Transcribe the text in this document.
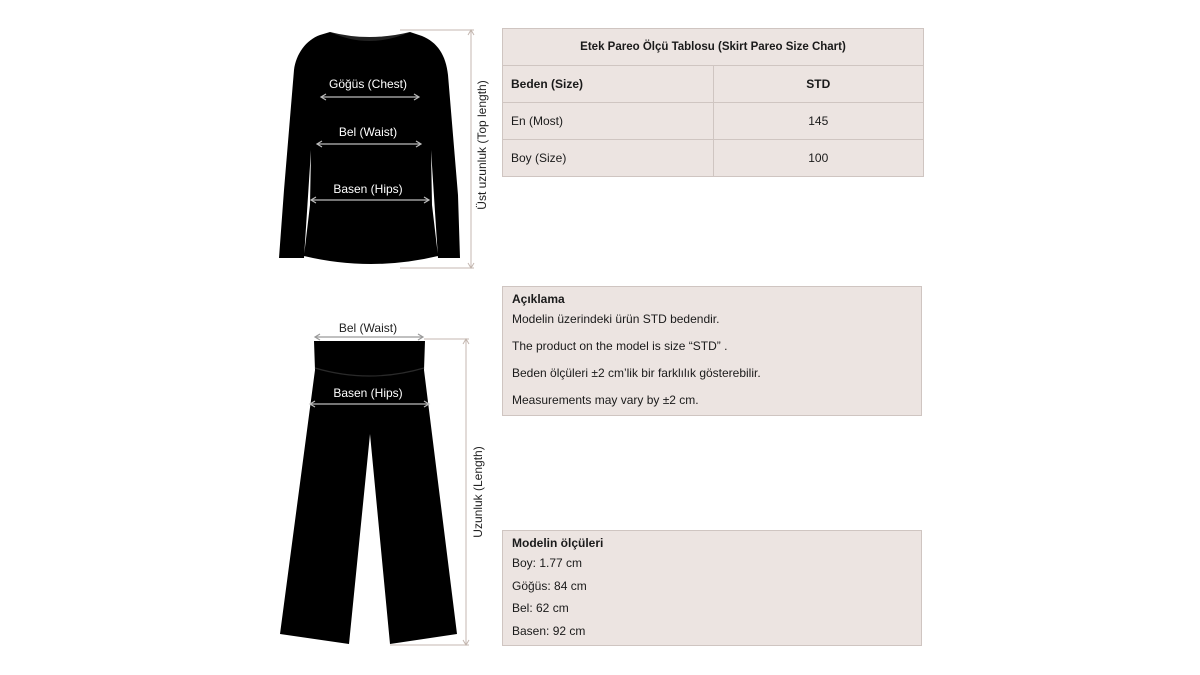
Göğüs (Chest)
Bel (Waist)
Basen (Hips)	Üst uzunluk (Top length)
Bel (Waist)
Basen (Hips)
Uzunluk (Length)
Etek Pareo Ölçü Tablosu (Skirt Pareo Size Chart)	
Beden (Size)	STD
En (Most)	145
Boy (Size)	100
Açıklama

Modelin üzerindeki ürün STD bedendir.

The product on the model is size “STD” .

Beden ölçüleri ±2 cm’lik bir farklılık gösterebilir.

Measurements may vary by ±2 cm.

Modelin ölçüleri

Boy: 1.77 cm

Göğüs: 84 cm

Bel: 62 cm

Basen: 92 cm
